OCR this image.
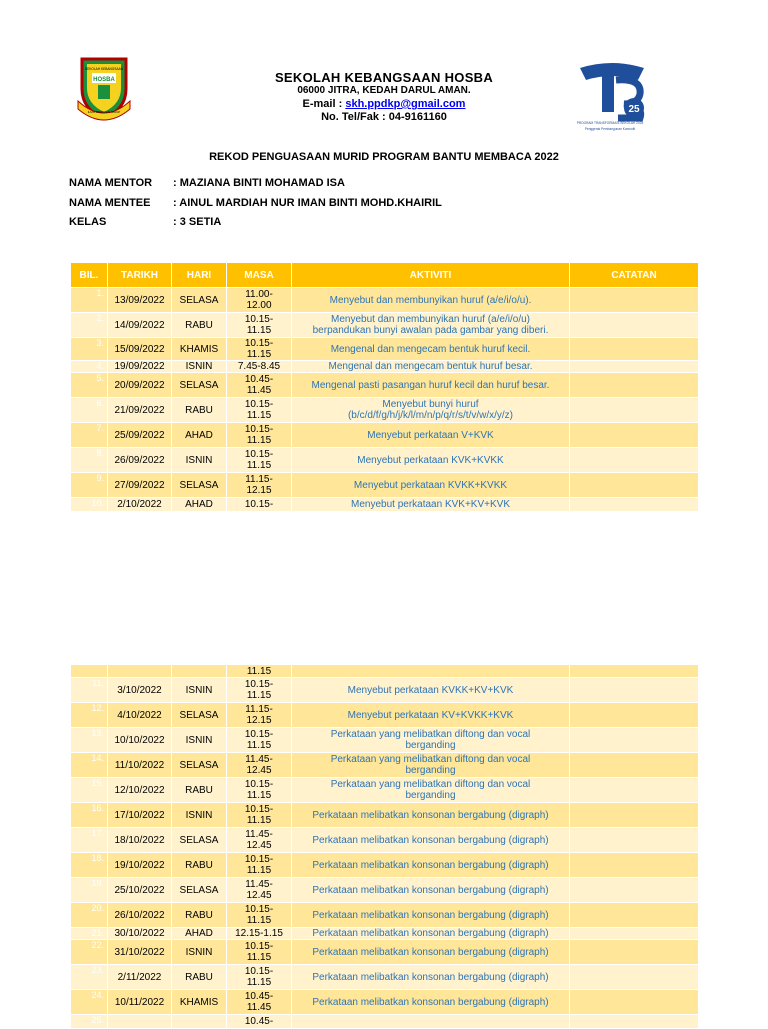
SEKOLAH KEBANGSAAN
HOSBA
ILMU PANDUAN HIDUP
SEKOLAH KEBANGSAAN HOSBA
06000 JITRA, KEDAH DARUL AMAN.
E-mail : skh.ppdkp@gmail.com
No. Tel/Fak : 04-9161160
25
PROGRAM TRANSFORMASI SEKOLAH 2025
Penggerak Pembangunan Komuniti
REKOD PENGUASAAN MURID PROGRAM BANTU MEMBACA 2022
NAMA MENTOR : MAZIANA BINTI MOHAMAD ISA
NAMA MENTEE : AINUL MARDIAH NUR IMAN BINTI MOHD.KHAIRIL
KELAS	: 3 SETIA
BIL.	TARIKH	HARI	MASA	AKTIVITI	CATATAN
1.	13/09/2022	SELASA	11.00-
12.00	Menyebut dan membunyikan huruf (a/e/i/o/u).	
2.	14/09/2022	RABU	10.15-
11.15	Menyebut dan membunyikan huruf (a/e/i/o/u)
berpandukan bunyi awalan pada gambar yang diberi.	
3.	15/09/2022	KHAMIS	10.15-
11.15	Mengenal dan mengecam bentuk huruf kecil.	
4.	19/09/2022	ISNIN	7.45-8.45	Mengenal dan mengecam bentuk huruf besar.	
5.	20/09/2022	SELASA	10.45-
11.45	Mengenal pasti pasangan huruf kecil dan huruf besar.	
6.	21/09/2022	RABU	10.15-
11.15	Menyebut bunyi huruf
(b/c/d/f/g/h/j/k/l/m/n/p/q/r/s/t/v/w/x/y/z)	
7.	25/09/2022	AHAD	10.15-
11.15	Menyebut perkataan V+KVK	
8.	26/09/2022	ISNIN	10.15-
11.15	Menyebut perkataan KVK+KVKK	
9.	27/09/2022	SELASA	11.15-
12.15	Menyebut perkataan KVKK+KVKK	
10.	2/10/2022	AHAD	10.15-	Menyebut perkataan KVK+KV+KVK	
			11.15		
11.	3/10/2022	ISNIN	10.15-
11.15	Menyebut perkataan KVKK+KV+KVK	
12.	4/10/2022	SELASA	11.15-
12.15	Menyebut perkataan KV+KVKK+KVK	
13.	10/10/2022	ISNIN	10.15-
11.15	Perkataan yang melibatkan diftong dan vocal
berganding	
14.	11/10/2022	SELASA	11.45-
12.45	Perkataan yang melibatkan diftong dan vocal
berganding	
15.	12/10/2022	RABU	10.15-
11.15	Perkataan yang melibatkan diftong dan vocal
berganding	
16.	17/10/2022	ISNIN	10.15-
11.15	Perkataan melibatkan konsonan bergabung (digraph)	
17.	18/10/2022	SELASA	11.45-
12.45	Perkataan melibatkan konsonan bergabung (digraph)	
18.	19/10/2022	RABU	10.15-
11.15	Perkataan melibatkan konsonan bergabung (digraph)	
19.	25/10/2022	SELASA	11.45-
12.45	Perkataan melibatkan konsonan bergabung (digraph)	
20.	26/10/2022	RABU	10.15-
11.15	Perkataan melibatkan konsonan bergabung (digraph)	
21.	30/10/2022	AHAD	12.15-1.15	Perkataan melibatkan konsonan bergabung (digraph)	
22.	31/10/2022	ISNIN	10.15-
11.15	Perkataan melibatkan konsonan bergabung (digraph)	
23.	2/11/2022	RABU	10.15-
11.15	Perkataan melibatkan konsonan bergabung (digraph)	
24.	10/11/2022	KHAMIS	10.45-
11.45	Perkataan melibatkan konsonan bergabung (digraph)	
25.			10.45-		
